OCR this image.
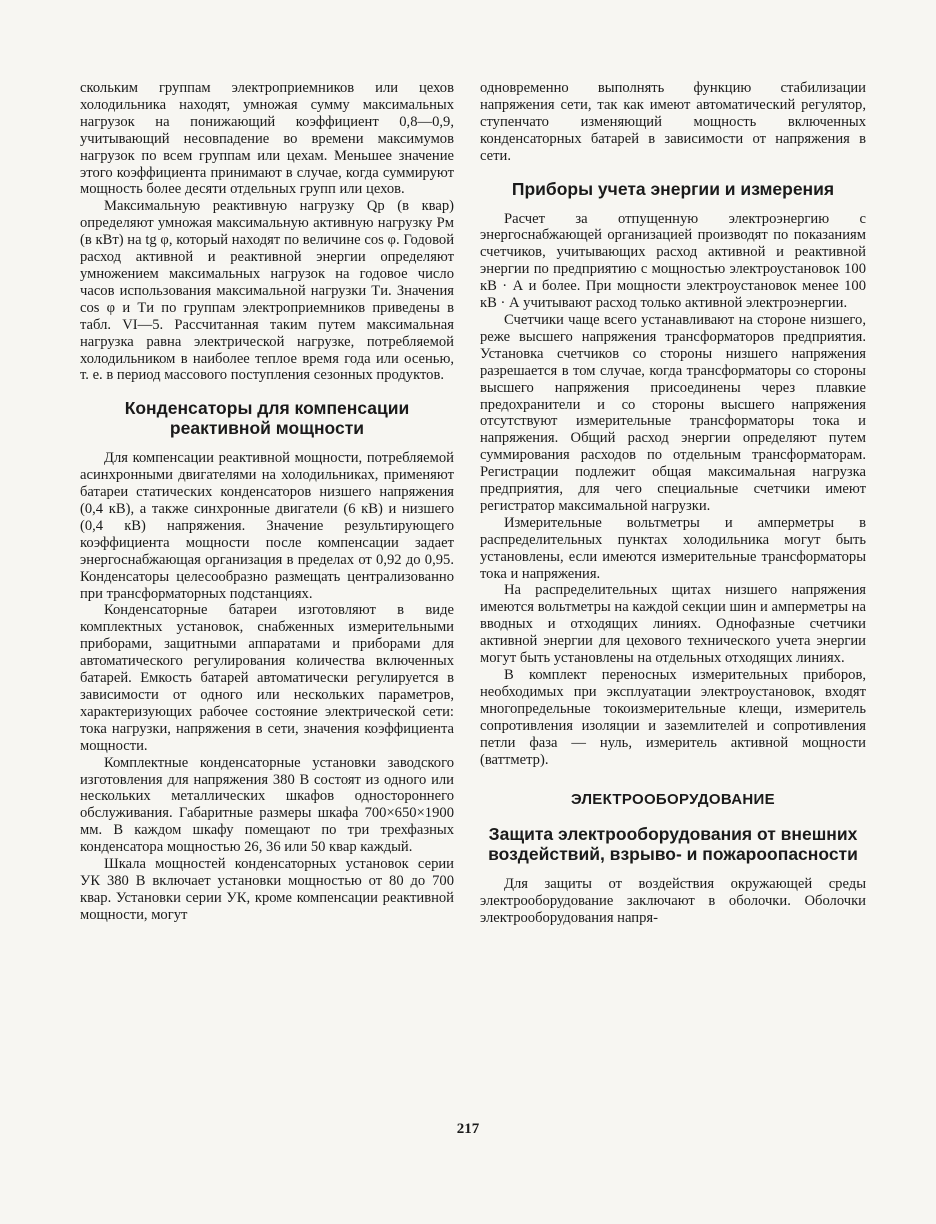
скольким группам электроприемников или цехов холодильника находят, умножая сумму максимальных нагрузок на понижающий коэффициент 0,8—0,9, учитывающий несовпадение во времени максимумов нагрузок по всем группам или цехам. Меньшее значение этого коэффициента принимают в случае, когда суммируют мощность более десяти отдельных групп или цехов.

Максимальную реактивную нагрузку Qр (в квар) определяют умножая максимальную активную нагрузку Pм (в кВт) на tg φ, который находят по величине cos φ. Годовой расход активной и реактивной энергии определяют умножением максимальных нагрузок на годовое число часов использования максимальной нагрузки Tи. Значения cos φ и Tи по группам электроприемников приведены в табл. VI—5. Рассчитанная таким путем максимальная нагрузка равна электрической нагрузке, потребляемой холодильником в наиболее теплое время года или осенью, т. е. в период массового поступления сезонных продуктов.

Конденсаторы для компенсации реактивной мощности

Для компенсации реактивной мощности, потребляемой асинхронными двигателями на холодильниках, применяют батареи статических конденсаторов низшего напряжения (0,4 кВ), а также синхронные двигатели (6 кВ) и низшего (0,4 кВ) напряжения. Значение результирующего коэффициента мощности после компенсации задает энергоснабжающая организация в пределах от 0,92 до 0,95. Конденсаторы целесообразно размещать централизованно при трансформаторных подстанциях.

Конденсаторные батареи изготовляют в виде комплектных установок, снабженных измерительными приборами, защитными аппаратами и приборами для автоматического регулирования количества включенных батарей. Емкость батарей автоматически регулируется в зависимости от одного или нескольких параметров, характеризующих рабочее состояние электрической сети: тока нагрузки, напряжения в сети, значения коэффициента мощности.

Комплектные конденсаторные установки заводского изготовления для напряжения 380 В состоят из одного или нескольких металлических шкафов одностороннего обслуживания. Габаритные размеры шкафа 700×650×1900 мм. В каждом шкафу помещают по три трехфазных конденсатора мощностью 26, 36 или 50 квар каждый.

Шкала мощностей конденсаторных установок серии УК 380 В включает установки мощностью от 80 до 700 квар. Установки серии УК, кроме компенсации реактивной мощности, могут

одновременно выполнять функцию стабилизации напряжения сети, так как имеют автоматический регулятор, ступенчато изменяющий мощность включенных конденсаторных батарей в зависимости от напряжения в сети.

Приборы учета энергии и измерения

Расчет за отпущенную электроэнергию с энергоснабжающей организацией производят по показаниям счетчиков, учитывающих расход активной и реактивной энергии по предприятию с мощностью электроустановок 100 кВ · А и более. При мощности электроустановок менее 100 кВ · А учитывают расход только активной электроэнергии.

Счетчики чаще всего устанавливают на стороне низшего, реже высшего напряжения трансформаторов предприятия. Установка счетчиков со стороны низшего напряжения разрешается в том случае, когда трансформаторы со стороны высшего напряжения присоединены через плавкие предохранители и со стороны высшего напряжения отсутствуют измерительные трансформаторы тока и напряжения. Общий расход энергии определяют путем суммирования расходов по отдельным трансформаторам. Регистрации подлежит общая максимальная нагрузка предприятия, для чего специальные счетчики имеют регистратор максимальной нагрузки.

Измерительные вольтметры и амперметры в распределительных пунктах холодильника могут быть установлены, если имеются измерительные трансформаторы тока и напряжения.

На распределительных щитах низшего напряжения имеются вольтметры на каждой секции шин и амперметры на вводных и отходящих линиях. Однофазные счетчики активной энергии для цехового технического учета энергии могут быть установлены на отдельных отходящих линиях.

В комплект переносных измерительных приборов, необходимых при эксплуатации электроустановок, входят многопредельные токоизмерительные клещи, измеритель сопротивления изоляции и заземлителей и сопротивления петли фаза — нуль, измеритель активной мощности (ваттметр).

ЭЛЕКТРООБОРУДОВАНИЕ
Защита электрооборудования от внешних воздействий, взрыво- и пожароопасности

Для защиты от воздействия окружающей среды электрооборудование заключают в оболочки. Оболочки электрооборудования напря-

217
